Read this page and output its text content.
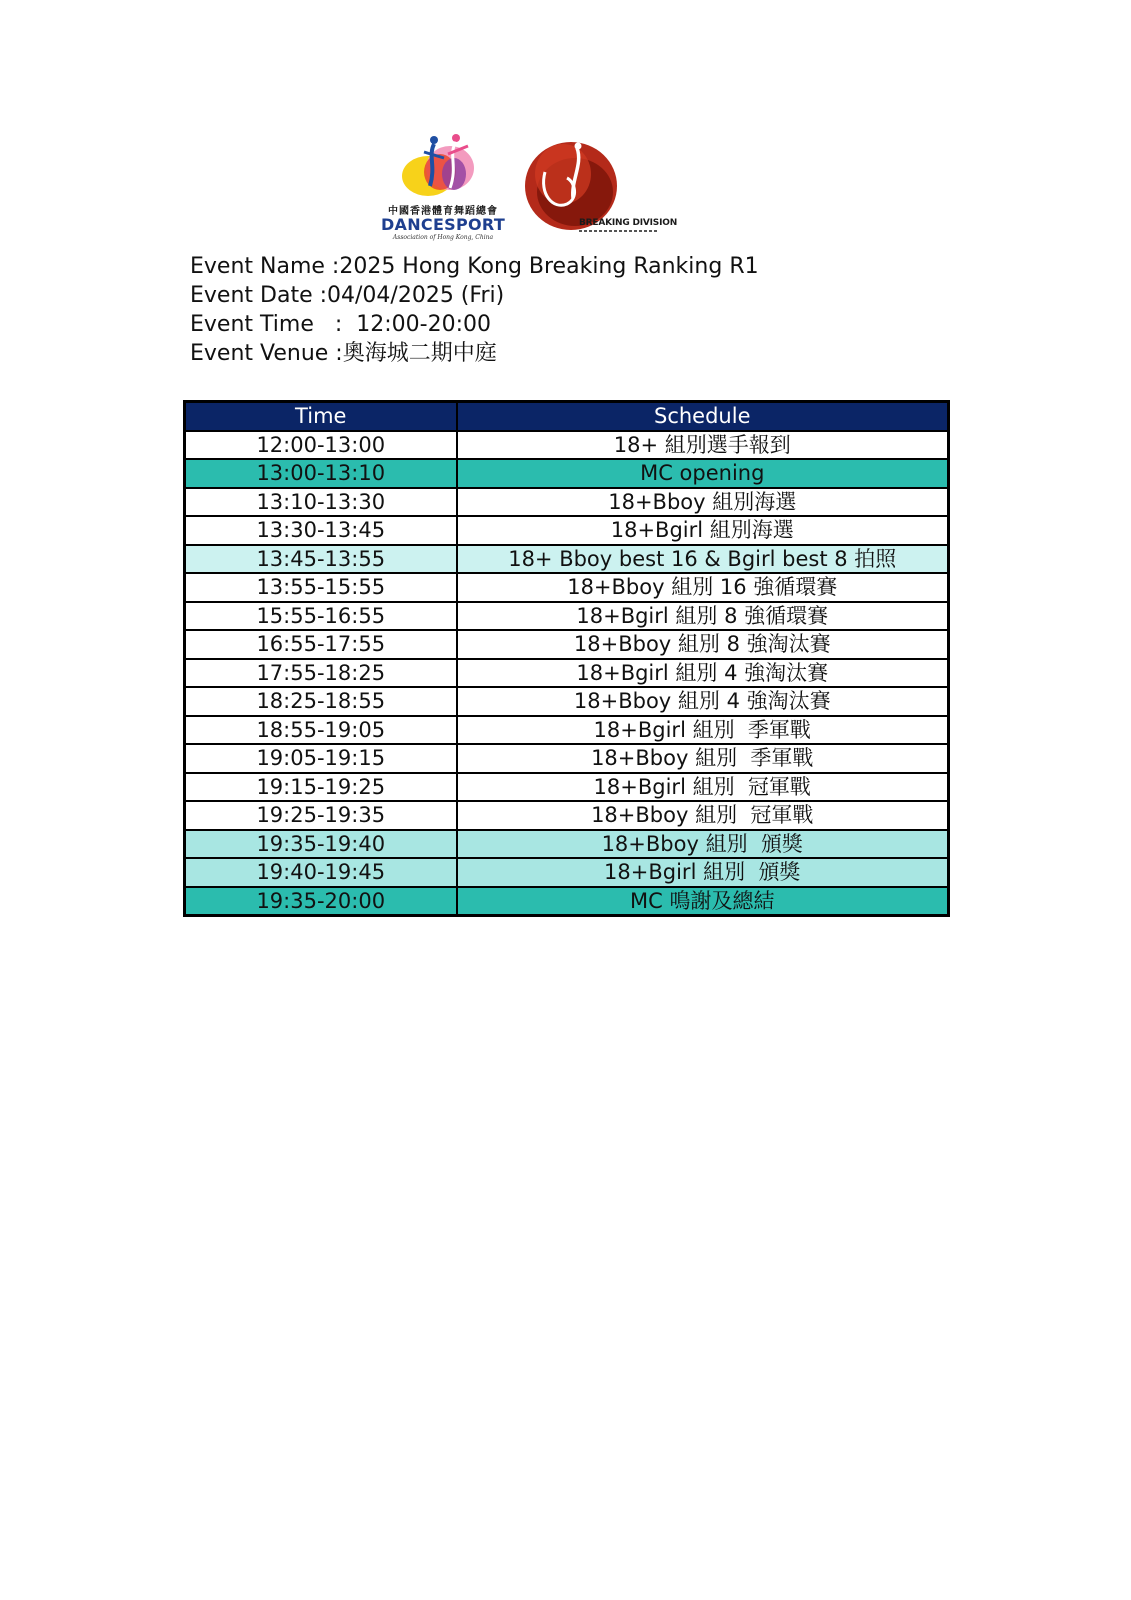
中國香港體育舞蹈總會
DANCESPORT
Association of Hong Kong, China
BREAKING DIVISION
Event Name :2025 Hong Kong Breaking Ranking R1
Event Date :04/04/2025 (Fri)
Event Time   :  12:00-20:00
Event Venue :奧海城二期中庭
Time	Schedule
12:00-13:00	18+ 組別選手報到
13:00-13:10	MC opening
13:10-13:30	18+Bboy 組別海選
13:30-13:45	18+Bgirl 組別海選
13:45-13:55	18+ Bboy best 16 & Bgirl best 8 拍照
13:55-15:55	18+Bboy 組別 16 強循環賽
15:55-16:55	18+Bgirl 組別 8 強循環賽
16:55-17:55	18+Bboy 組別 8 強淘汰賽
17:55-18:25	18+Bgirl 組別 4 強淘汰賽
18:25-18:55	18+Bboy 組別 4 強淘汰賽
18:55-19:05	18+Bgirl 組別  季軍戰
19:05-19:15	18+Bboy 組別  季軍戰
19:15-19:25	18+Bgirl 組別  冠軍戰
19:25-19:35	18+Bboy 組別  冠軍戰
19:35-19:40	18+Bboy 組別  頒獎
19:40-19:45	18+Bgirl 組別  頒獎
19:35-20:00	MC 鳴謝及總結
